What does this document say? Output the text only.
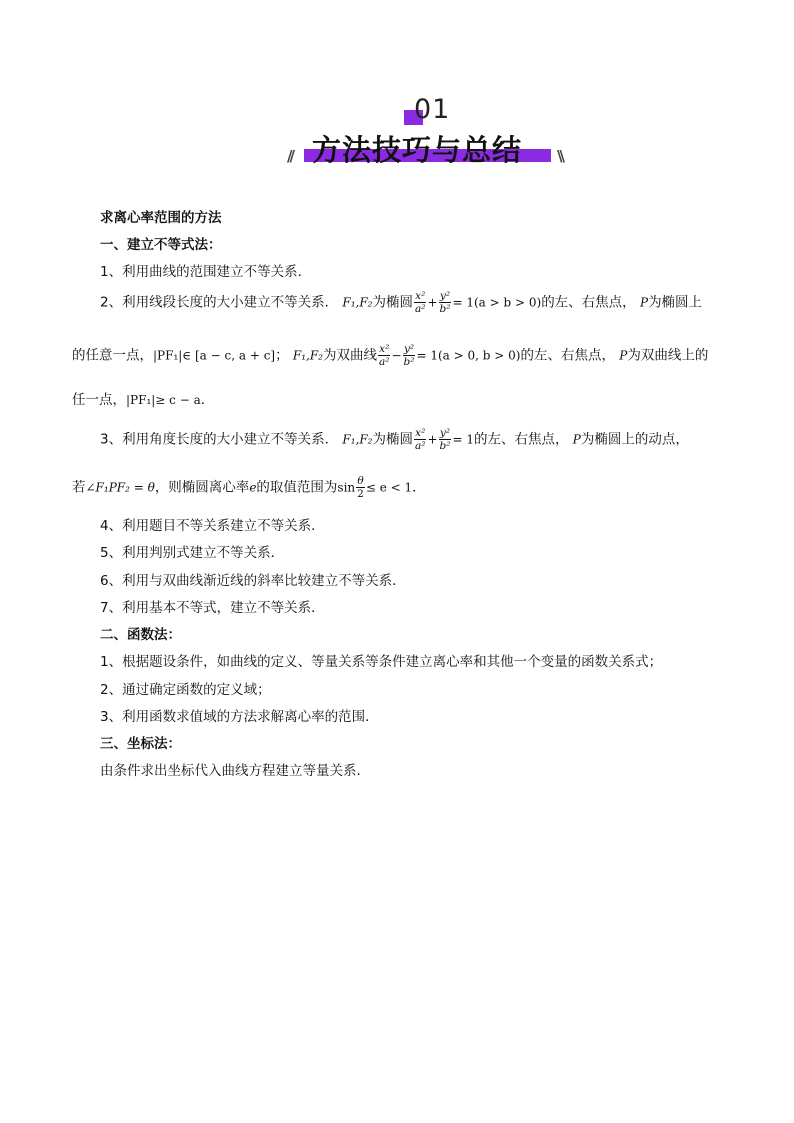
01
方法技巧与总结
//	\\
求离心率范围的方法
一、建立不等式法：
1、利用曲线的范围建立不等关系．
2、利用线段长度的大小建立不等关系． F₁,F₂为椭圆 $\frac{\text{x²}}{\text{a²}} + \frac{\text{y²}}{\text{b²}} = 1(a > b > 0)$的左、右焦点， P为椭圆上
的任意一点，|PF₁|∈ [a − c, a + c]； F₁,F₂为双曲线 $\frac{\text{x²}}{\text{a²}} - \frac{\text{y²}}{\text{b²}} = 1(a > 0$, b > 0)的左、右焦点， P为双曲线上的
任一点，|PF₁|≥ c − a．
3、利用角度长度的大小建立不等关系． F₁,F₂为椭圆 $\frac{\text{x²}}{\text{a²}} + \frac{\text{y²}}{\text{b²}} = 1$的左、右焦点， P为椭圆上的动点，
若∠F₁PF₂ = θ，则椭圆离心率e的取值范围为$\sin \frac{\theta}{2} \le e < 1$．
4、利用题目不等关系建立不等关系．
5、利用判别式建立不等关系．
6、利用与双曲线渐近线的斜率比较建立不等关系．
7、利用基本不等式，建立不等关系．
二、函数法：
1、根据题设条件，如曲线的定义、等量关系等条件建立离心率和其他一个变量的函数关系式；
2、通过确定函数的定义域；
3、利用函数求值域的方法求解离心率的范围．
三、坐标法：
由条件求出坐标代入曲线方程建立等量关系．
